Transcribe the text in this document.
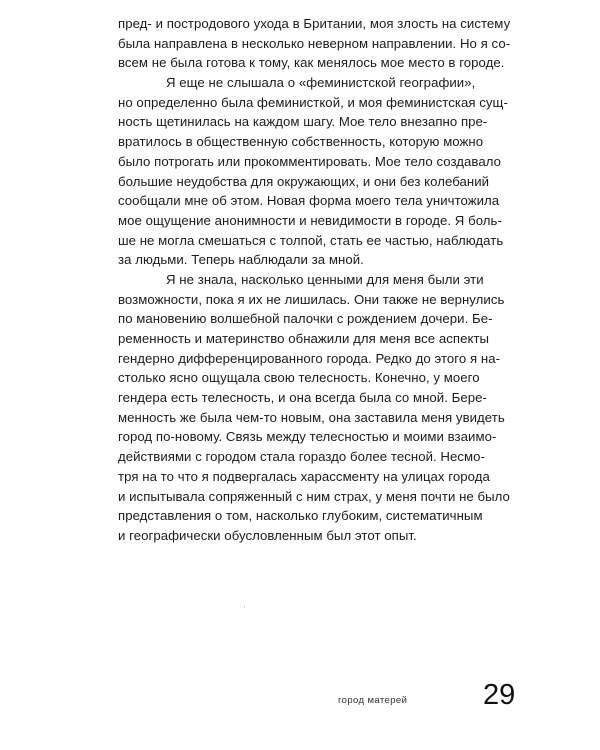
пред- и постродового ухода в Британии, моя злость на систему
была направлена в несколько неверном направлении. Но я со-
всем не была готова к тому, как менялось мое место в городе.
Я еще не слышала о «феминистской географии»,
но определенно была феминисткой, и моя феминистская сущ-
ность щетинилась на каждом шагу. Мое тело внезапно пре-
вратилось в общественную собственность, которую можно
было потрогать или прокомментировать. Мое тело создавало
большие неудобства для окружающих, и они без колебаний
сообщали мне об этом. Новая форма моего тела уничтожила
мое ощущение анонимности и невидимости в городе. Я боль-
ше не могла смешаться с толпой, стать ее частью, наблюдать
за людьми. Теперь наблюдали за мной.
Я не знала, насколько ценными для меня были эти
возможности, пока я их не лишилась. Они также не вернулись
по мановению волшебной палочки с рождением дочери. Бе-
ременность и материнство обнажили для меня все аспекты
гендерно дифференцированного города. Редко до этого я на-
столько ясно ощущала свою телесность. Конечно, у моего
гендера есть телесность, и она всегда была со мной. Бере-
менность же была чем-то новым, она заставила меня увидеть
город по-новому. Связь между телесностью и моими взаимо-
действиями с городом стала гораздо более тесной. Несмо-
тря на то что я подвергалась харассменту на улицах города
и испытывала сопряженный с ним страх, у меня почти не было
представления о том, насколько глубоким, систематичным
и географически обусловленным был этот опыт.
город матерей	29
